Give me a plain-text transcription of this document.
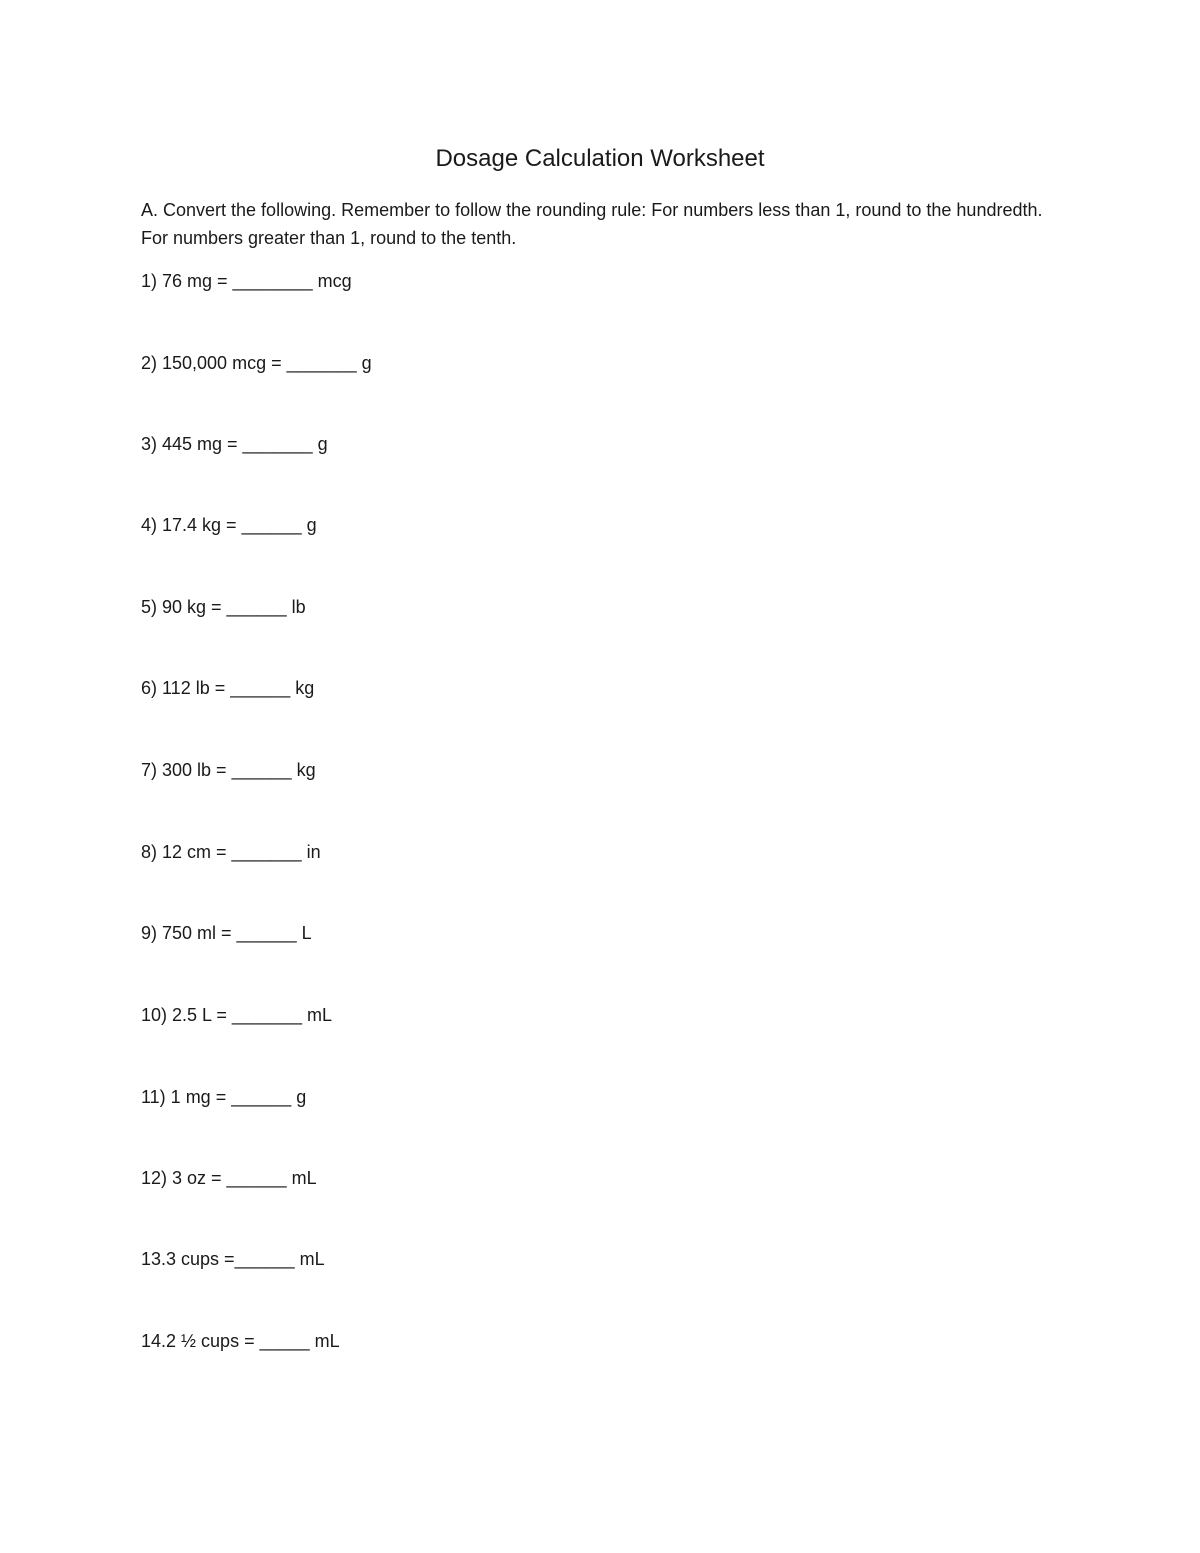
Dosage Calculation Worksheet
A. Convert the following. Remember to follow the rounding rule: For numbers less than 1, round to the hundredth. For numbers greater than 1, round to the tenth.
1) 76 mg = ________ mcg
2) 150,000 mcg = _______ g
3) 445 mg = _______ g
4) 17.4 kg = ______ g
5) 90 kg = ______ lb
6) 112 lb = ______ kg
7) 300 lb = ______ kg
8) 12 cm = _______ in
9) 750 ml = ______ L
10) 2.5 L = _______ mL
11) 1 mg = ______ g
12) 3 oz = ______ mL
13.3 cups =______ mL
14.2 ½ cups = _____ mL
